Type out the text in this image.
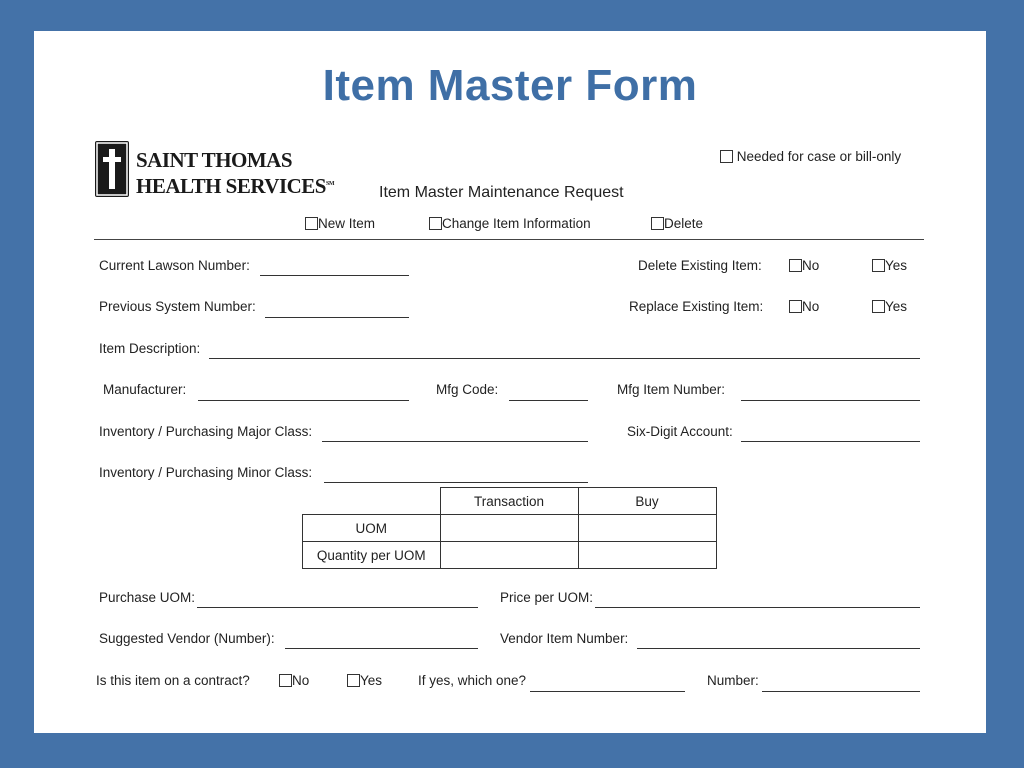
Item Master Form
SAINT THOMAS
HEALTH SERVICES℠
Needed for case or bill-only
Item Master Maintenance Request
New Item	Change Item Information	Delete
Current Lawson Number:	Delete Existing Item:	No	Yes
Previous System Number:	Replace Existing Item:	No	Yes
Item Description:
Manufacturer:	Mfg Code:	Mfg Item Number:
Inventory / Purchasing Major Class:	Six-Digit Account:
Inventory / Purchasing Minor Class:
	Transaction	Buy
UOM		
Quantity per UOM		
Purchase UOM:	Price per UOM:
Suggested Vendor (Number):	Vendor Item Number:
Is this item on a contract?	No	Yes	If yes, which one?	Number:
